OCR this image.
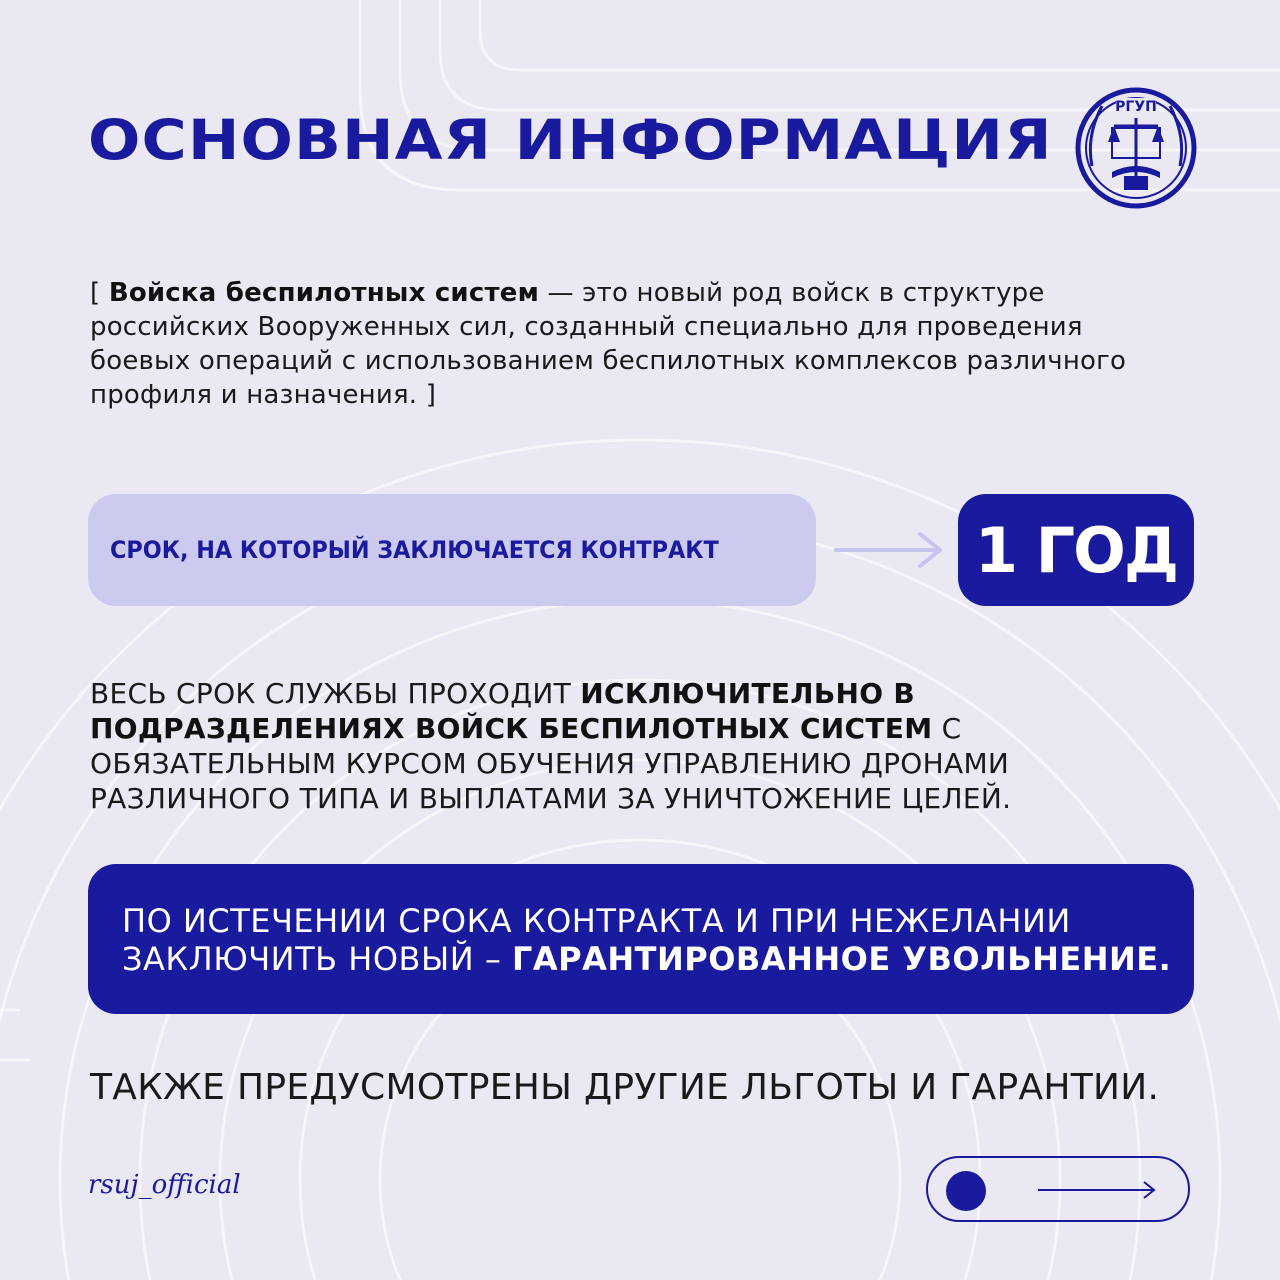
ОСНОВНАЯ ИНФОРМАЦИЯ
РГУП
[ Войска беспилотных систем — это новый род войск в структуре российских Вооруженных сил, созданный специально для проведения боевых операций с использованием беспилотных комплексов различного профиля и назначения. ]
СРОК, НА КОТОРЫЙ ЗАКЛЮЧАЕТСЯ КОНТРАКТ	1 ГОД
ВЕСЬ СРОК СЛУЖБЫ ПРОХОДИТ ИСКЛЮЧИТЕЛЬНО В ПОДРАЗДЕЛЕНИЯХ ВОЙСК БЕСПИЛОТНЫХ СИСТЕМ С ОБЯЗАТЕЛЬНЫМ КУРСОМ ОБУЧЕНИЯ УПРАВЛЕНИЮ ДРОНАМИ РАЗЛИЧНОГО ТИПА И ВЫПЛАТАМИ ЗА УНИЧТОЖЕНИЕ ЦЕЛЕЙ.
ПО ИСТЕЧЕНИИ СРОКА КОНТРАКТА И ПРИ НЕЖЕЛАНИИ ЗАКЛЮЧИТЬ НОВЫЙ – ГАРАНТИРОВАННОЕ УВОЛЬНЕНИЕ.
ТАКЖЕ ПРЕДУСМОТРЕНЫ ДРУГИЕ ЛЬГОТЫ И ГАРАНТИИ.
rsuj_official
